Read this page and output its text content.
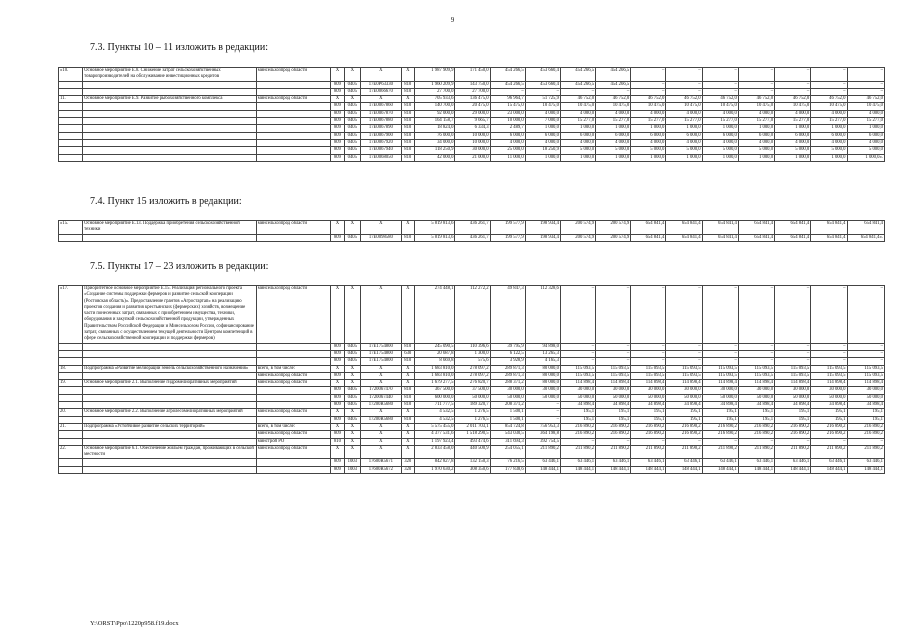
9
7.3. Пункты 10 – 11 изложить в редакции:
«10.	Основное мероприятие Е.8. Снижение затрат сельскохозяйственных товаропроизводителей на обслуживание инвестиционных кредитов	минсельхозпрод области	X	X	X	X	1 987 909,9	171 450,0	454 266,5	453 660,4	454 266,5	454 266,5	–	–	–	–	–	–	–
			809	0405	17E0Р63330	810	1 960 209,9	143 750,0	454 266,5	453 660,4	454 266,5	454 266,5	–	–	–	–	–	–	–
			809	0405	17E0066670	810	27 700,0	27 700,0	–	–	–	–	–	–	–	–	–	–	–
11.	Основное мероприятие Е.9. Развитие рыбохозяйственного комплекса	минсельхозпрод области	X	X	X	X	705 933,6	136 475,0	96 964,7	51 725,9	46 752,0	46 752,0	46 752,0	46 752,0	46 752,0	46 752,0	46 752,0	46 752,0	46 752,0
			809	0405	17E0067860	810	140 700,0	20 475,0	15 475,0	10 475,0	10 475,0	10 475,0	10 475,0	10 475,0	10 475,0	10 475,0	10 475,0	10 475,0	10 475,0
			809	0405	17E0067870	810	92 000,0	29 000,0	23 000,0	4 000,0	4 000,0	4 000,0	4 000,0	4 000,0	4 000,0	4 000,0	4 000,0	4 000,0	4 000,0
			809	0405	17E0067880	810	164 158,7	9 665,7	10 000,0	7 000,0	15 277,0	15 277,0	15 277,0	15 277,0	15 277,0	15 277,0	15 277,0	15 277,0	15 277,0
			809	0405	17E0067890	810	18 824,0	6 334,3	2 489,7	1 000,0	1 000,0	1 000,0	1 000,0	1 000,0	1 000,0	1 000,0	1 000,0	1 000,0	1 000,0
			809	0405	17E0067900	810	76 000,0	10 000,0	6 000,0	6 000,0	6 000,0	6 000,0	6 000,0	6 000,0	6 000,0	6 000,0	6 000,0	6 000,0	6 000,0
			809	0405	17E0067920	810	34 000,0	10 000,0	4 000,0	4 000,0	4 000,0	4 000,0	4 000,0	4 000,0	4 000,0	4 000,0	4 000,0	4 000,0	4 000,0
			809	0405	17E0067940	810	118 250,9	30 000,0	25 000,0	18 250,9	5 000,0	5 000,0	5 000,0	5 000,0	5 000,0	5 000,0	5 000,0	5 000,0	5 000,0
			809	0405	17E0068050	810	42 000,0	21 000,0	11 000,0	1 000,0	1 000,0	1 000,0	1 000,0	1 000,0	1 000,0	1 000,0	1 000,0	1 000,0	1 000,0».
7.4. Пункт 15 изложить в редакции:
«15.	Основное мероприятие Е.13. Поддержка приобретения сельскохозяйственной техники	минсельхозпрод области	X	X	X	X	5 819 813,6	436 261,7	199 577,9	198 934,4	200 574,9	200 574,9	654 841,4	654 841,4	654 841,4	654 841,4	654 841,4	654 841,4	654 841,4
			809	0405	17E0098580	810	5 819 813,6	436 261,7	199 577,9	198 934,4	200 574,9	200 574,9	654 841,4	654 841,4	654 841,4	654 841,4	654 841,4	654 841,4	654 841,4».
7.5. Пункты 17 – 23 изложить в редакции:
«17.	Приоритетное основное мероприятие Е.15. Реализация регионального проекта «Создание системы поддержки фермеров и развитие сельской кооперации (Ростовская область)». Предоставление грантов «Агростартап» на реализацию проектов создания и развития крестьянских (фермерских) хозяйств, возмещение части понесенных затрат, связанных с приобретением имущества, техники, оборудования и закупкой сельскохозяйственной продукции, утвержденных Правительством Российской Федерации и Минсельхозом России, софинансирование затрат, связанных с осуществлением текущей деятельности Центром компетенций в сфере сельскохозяйственной кооперации и поддержки фермеров)	минсельхозпрод области	X	X	X	X	274 448,1	112 272,2	49 847,3	112 328,6	–	–	–	–	–	–	–	–	–
			809	0405	17E1754800	810	245 090,5	110 396,6	39 795,9	94 898,0	–	–	–	–	–	–	–	–	–
			809	0405	17E1754800	630	20 687,8	1 300,0	6 122,5	13 265,3	–	–	–	–	–	–	–	–	–
			809	0405	17E1754800	810	8 669,8	575,6	3 928,9	4 165,3	–	–	–	–	–	–	–	–	–
18.	Подпрограмма «Развитие мелиорации земель сельскохозяйственного назначения»	всего, в том числе:	X	X	X	X	1 683 810,0	278 097,2	289 871,3	80 000,0	115 093,5	115 093,5	115 093,5	115 093,5	115 093,5	115 093,5	115 093,5	115 093,5	115 093,5
		минсельхозпрод области	809	X	X	X	1 683 810,0	278 097,2	289 871,3	80 000,0	115 093,5	115 093,5	115 093,5	115 093,5	115 093,5	115 093,5	115 093,5	115 093,5	115 093,5
19.	Основное мероприятие 2.1. Выполнение гидромелиоративных мероприятий	минсельхозпрод области	X	X	X	X	1 679 277,5	276 820,7	288 371,2	80 000,0	114 898,4	114 898,4	114 898,4	114 898,4	114 898,4	114 898,4	114 898,4	114 898,4	114 898,4
			809	0405	1720067470	810	367 500,0	37 500,0	30 000,0	30 000,0	30 000,0	30 000,0	30 000,0	30 000,0	30 000,0	30 000,0	30 000,0	30 000,0	30 000,0
			809	0405	1720067440	810	600 000,0	50 000,0	50 000,0	50 000,0	50 000,0	50 000,0	50 000,0	50 000,0	50 000,0	50 000,0	50 000,0	50 000,0	50 000,0
			809	0405	17200R5680	810	711 777,5	189 320,7	208 371,2	–	34 898,4	34 898,4	34 898,4	34 898,4	34 898,4	34 898,4	34 898,4	34 898,4	34 898,4
20.	Основное мероприятие 2.2. Выполнение агролесомелиоративных мероприятий	минсельхозпрод области	X	X	X	X	4 532,5	1 276,5	1 500,1	–	195,1	195,1	195,1	195,1	195,1	195,1	195,1	195,1	195,1
			809	0405	17200R5680	810	4 532,5	1 276,5	1 500,1	–	195,1	195,1	195,1	195,1	195,1	195,1	195,1	195,1	195,1
21.	Подпрограмма «Устойчивое развитие сельских территорий»	всего, в том числе:	X	X	X	X	5 575 455,0	2 011 703,1	854 724,8	756 953,3	216 890,2	216 890,2	216 890,2	216 890,2	216 890,2	216 890,2	216 890,2	216 890,2	216 890,2
		минсельхозпрод области	809	X	X	X	4 377 531,6	1 518 290,5	543 030,5	364 198,8	216 890,2	216 890,2	216 890,2	216 890,2	216 890,2	216 890,2	216 890,2	216 890,2	216 890,2
		минстрой РО	810	X	X	X	1 197 923,4	493 474,6	311 694,3	392 754,5	–	–	–	–	–	–	–	–	–
22.	Основное мероприятие 6.1. Обеспечение жильем граждан, проживающих в сельской местности	минсельхозпрод области	X	X	X	X	2 833 458,0	440 500,9	254 055,1	211 890,2	211 890,2	211 890,2	211 890,2	211 890,2	211 890,2	211 890,2	211 890,2	211 890,2	211 890,2
			809	1003	17600R5671	320	842 827,8	132 150,3	76 216,5	63 446,1	63 446,1	63 446,1	63 446,1	63 446,1	63 446,1	63 446,1	63 446,1	63 446,1	63 446,1
			809	1003	17600R5672	320	1 970 630,2	308 350,6	177 838,6	148 444,1	148 444,1	148 444,1	148 444,1	148 444,1	148 444,1	148 444,1	148 444,1	148 444,1	148 444,1
Y:\ORST\Ppo\1220p958.f19.docx
